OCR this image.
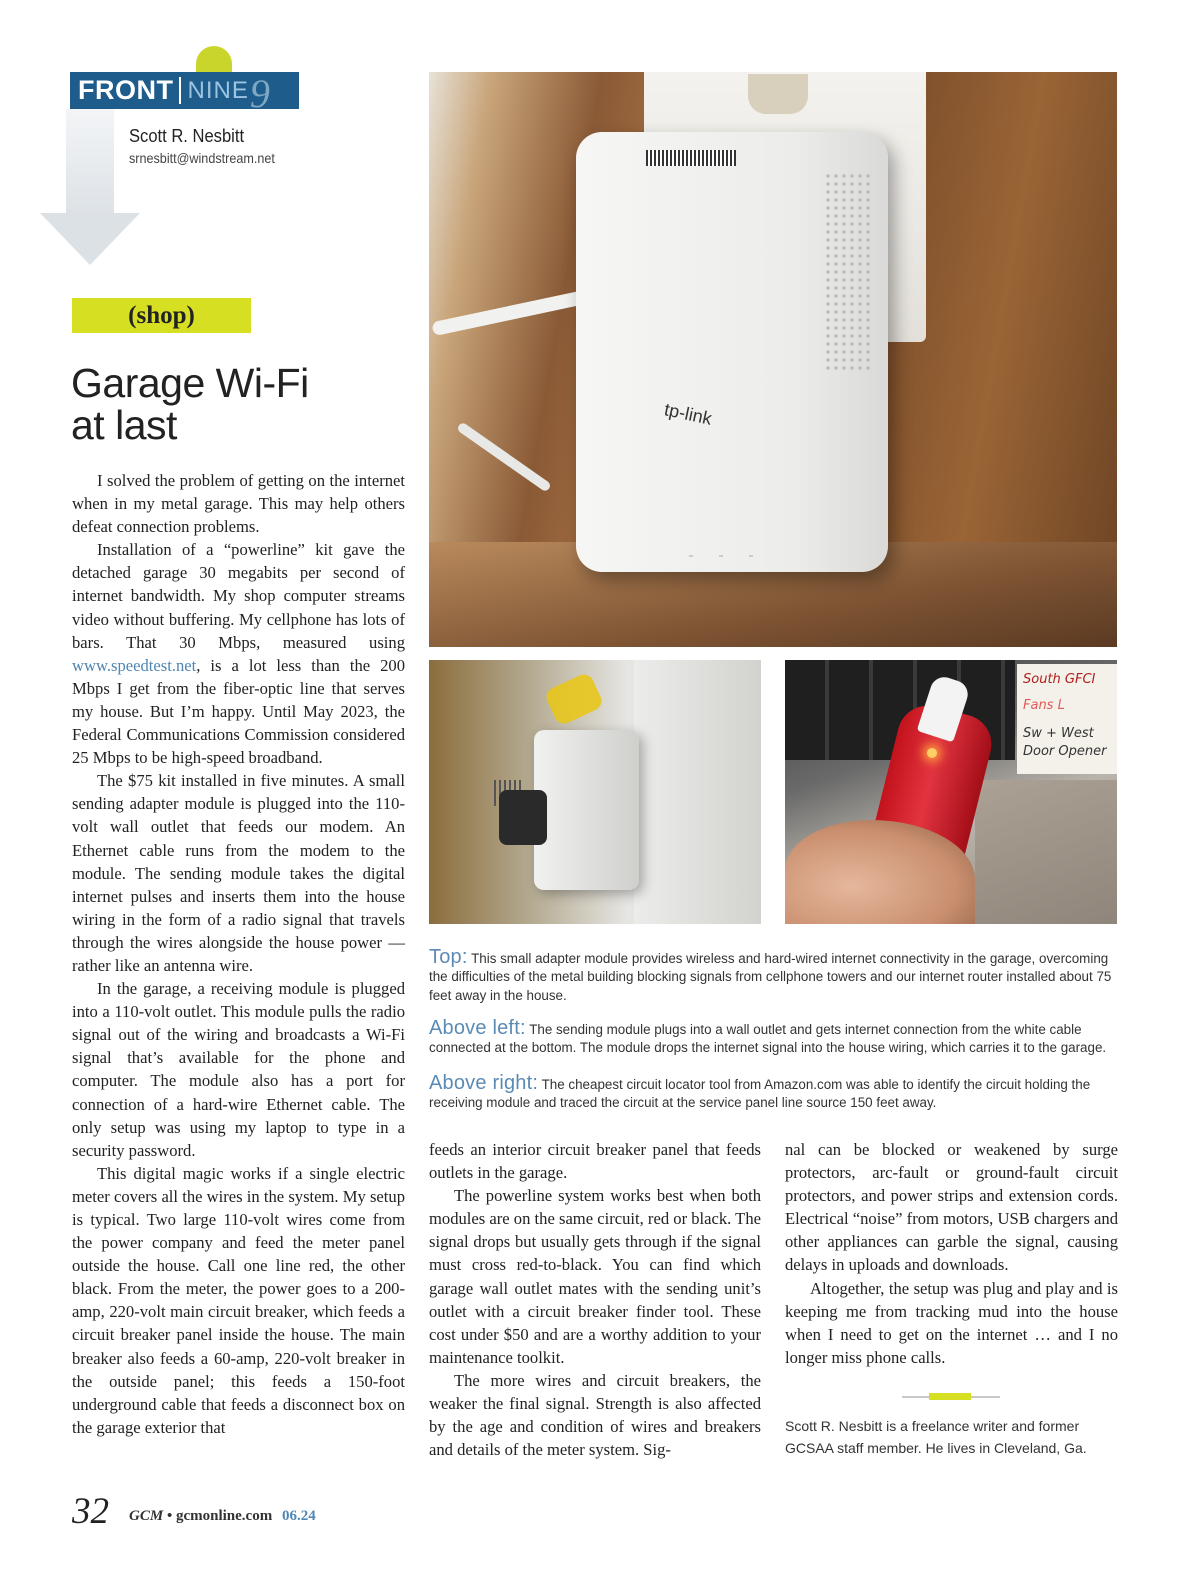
FRONT NINE 9
Scott R. Nesbitt
srnesbitt@windstream.net
(shop)
Garage Wi-Fi
at last

I solved the problem of getting on the internet when in my metal garage. This may help others defeat connection problems.

Installation of a “powerline” kit gave the detached garage 30 megabits per second of internet bandwidth. My shop computer streams video without buffering. My cellphone has lots of bars. That 30 Mbps, measured using www.speedtest.net, is a lot less than the 200 Mbps I get from the fiber-optic line that serves my house. But I’m happy. Until May 2023, the Federal Communications Commission considered 25 Mbps to be high-speed broadband.

The $75 kit installed in five minutes. A small sending adapter module is plugged into the 110-volt wall outlet that feeds our modem. An Ethernet cable runs from the modem to the module. The sending module takes the digital internet pulses and inserts them into the house wiring in the form of a radio signal that travels through the wires alongside the house power — rather like an antenna wire.

In the garage, a receiving module is plugged into a 110-volt outlet. This module pulls the radio signal out of the wiring and broadcasts a Wi-Fi signal that’s available for the phone and computer. The module also has a port for connection of a hard-wire Ethernet cable. The only setup was using my laptop to type in a security password.

This digital magic works if a single electric meter covers all the wires in the system. My setup is typical. Two large 110-volt wires come from the power company and feed the meter panel outside the house. Call one line red, the other black. From the meter, the power goes to a 200-amp, 220-volt main circuit breaker, which feeds a circuit breaker panel inside the house. The main breaker also feeds a 60-amp, 220-volt breaker in the outside panel; this feeds a 150-foot underground cable that feeds a disconnect box on the garage exterior that

tp-link
South GFCI
Fans L
Sw + West
Door Opener
Top: This small adapter module provides wireless and hard-wired internet connectivity in the garage, overcoming the difficulties of the metal building blocking signals from cellphone towers and our internet router installed about 75 feet away in the house.
Above left: The sending module plugs into a wall outlet and gets internet connection from the white cable connected at the bottom. The module drops the internet signal into the house wiring, which carries it to the garage.
Above right: The cheapest circuit locator tool from Amazon.com was able to identify the circuit holding the receiving module and traced the circuit at the service panel line source 150 feet away.

feeds an interior circuit breaker panel that feeds outlets in the garage.

The powerline system works best when both modules are on the same circuit, red or black. The signal drops but usually gets through if the signal must cross red-to-black. You can find which garage wall outlet mates with the sending unit’s outlet with a circuit breaker finder tool. These cost under $50 and are a worthy addition to your maintenance toolkit.

The more wires and circuit breakers, the weaker the final signal. Strength is also affected by the age and condition of wires and breakers and details of the meter system. Sig-

nal can be blocked or weakened by surge protectors, arc-fault or ground-fault circuit protectors, and power strips and extension cords. Electrical “noise” from motors, USB chargers and other appliances can garble the signal, causing delays in uploads and downloads.

Altogether, the setup was plug and play and is keeping me from tracking mud into the house when I need to get on the internet … and I no longer miss phone calls.

Scott R. Nesbitt is a freelance writer and former GCSAA staff member. He lives in Cleveland, Ga.
32 GCM • gcmonline.com 06.24
